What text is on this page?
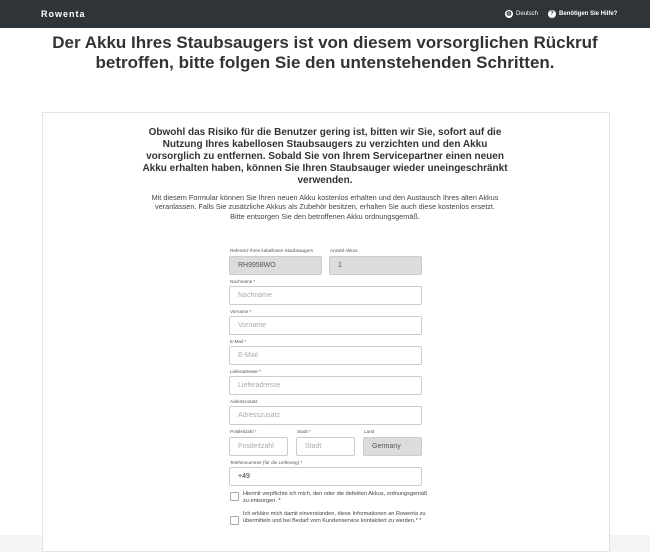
Rowenta	◍ Deutsch	? Benötigen Sie Hilfe?
Der Akku Ihres Staubsaugers ist von diesem vorsorglichen Rückruf betroffen, bitte folgen Sie den untenstehenden Schritten.
Obwohl das Risiko für die Benutzer gering ist, bitten wir Sie, sofort auf die Nutzung Ihres kabellosen Staubsaugers zu verzichten und den Akku vorsorglich zu entfernen. Sobald Sie von Ihrem Servicepartner einen neuen Akku erhalten haben, können Sie Ihren Staubsauger wieder uneingeschränkt verwenden.
Mit diesem Formular können Sie Ihren neuen Akku kostenlos erhalten und den Austausch Ihres alten Akkus veranlassen. Falls Sie zusätzliche Akkus als Zubehör besitzen, erhalten Sie auch diese kostenlos ersetzt.
Bitte entsorgen Sie den betroffenen Akku ordnungsgemäß.
Referenz Ihres kabellosen Staubsaugers
RH9958WO
Anzahl Akkus
1
Nachname *
Nachname
Vorname *
Vorname
E-Mail *
E-Mail
Lieferadresse *
Lieferadresse
Adresszusatz
Adresszusatz
Postleitzahl *
Postleitzahl
Stadt *
Stadt
Land
Germany
Telefonnummer (für die Lieferung) *
+49
Hiermit verpflichte ich mich, den oder die defekten Akkus, ordnungsgemäß zu entsorgen. *
Ich erkläre mich damit einverstanden, diese Informationen an Rowenta zu übermitteln und bei Bedarf vom Kundenservice kontaktiert zu werden.* *
